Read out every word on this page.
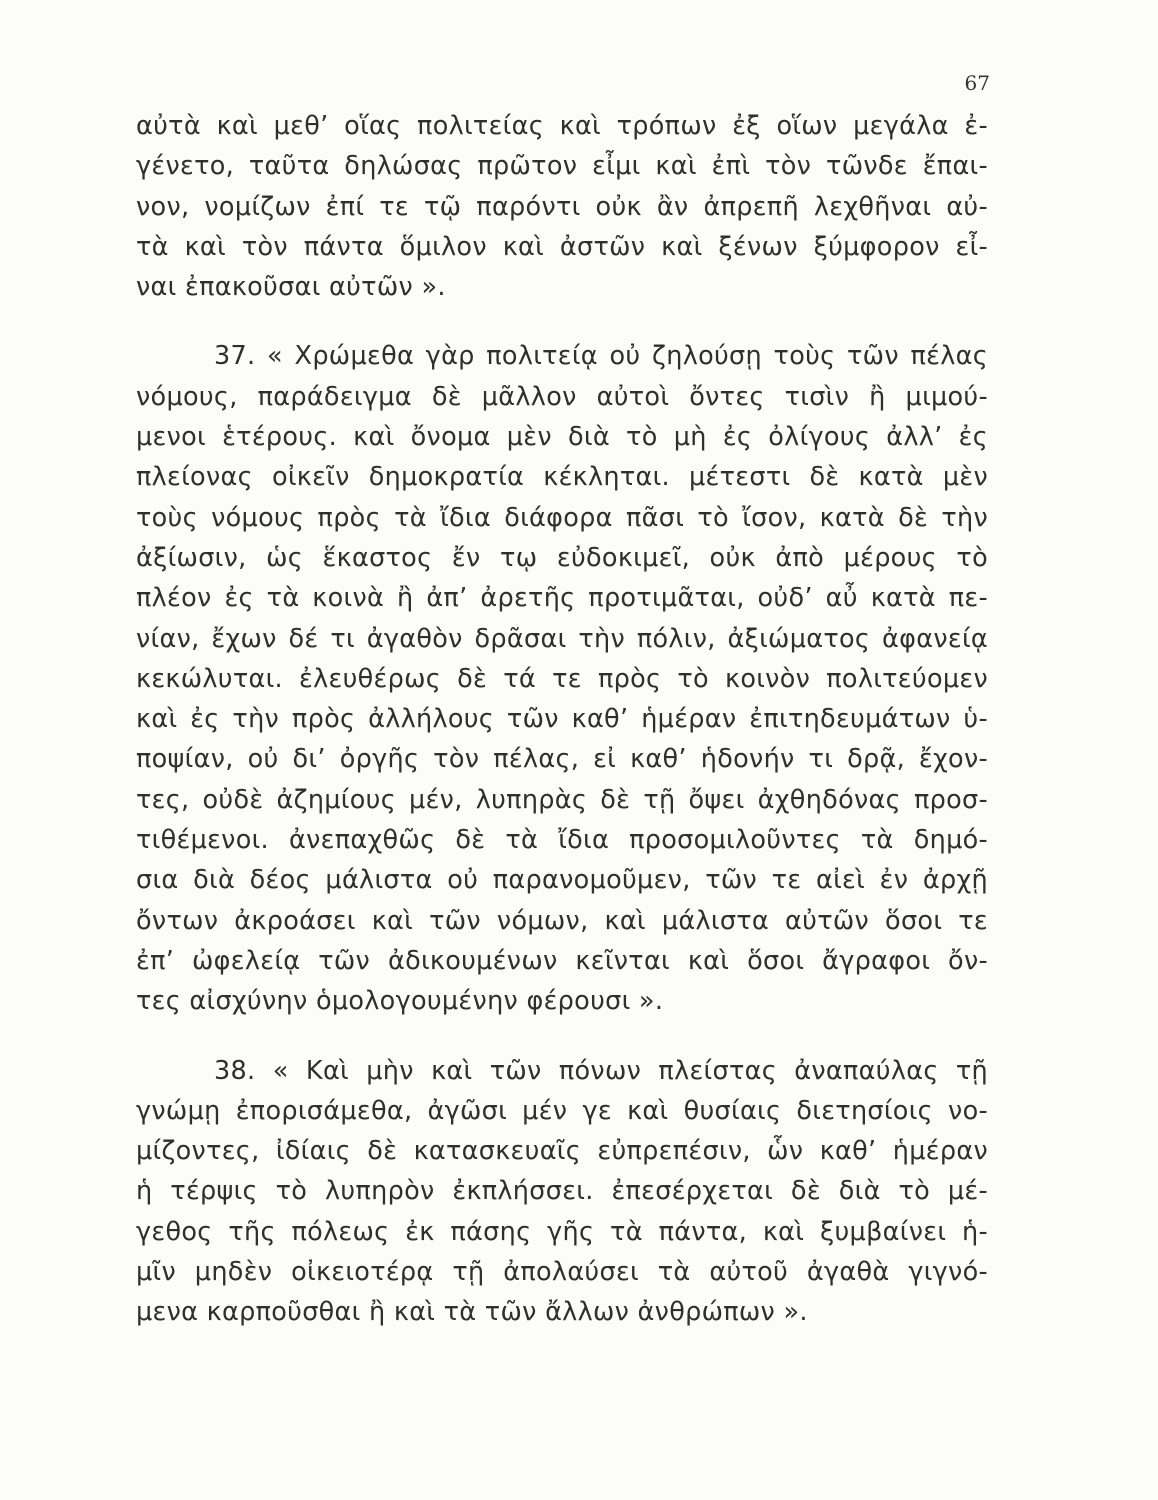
67
αὐτὰ καὶ μεθ’ οἵας πολιτείας καὶ τρόπων ἐξ οἵων μεγάλα ἐ-
γένετο, ταῦτα δηλώσας πρῶτον εἶμι καὶ ἐπὶ τὸν τῶνδε ἔπαι-
νον, νομίζων ἐπί τε τῷ παρόντι οὐκ ἂν ἀπρεπῆ λεχθῆναι αὐ-
τὰ καὶ τὸν πάντα ὅμιλον καὶ ἀστῶν καὶ ξένων ξύμφορον εἶ-
ναι ἐπακοῦσαι αὐτῶν ».
37. « Χρώμεθα γὰρ πολιτείᾳ οὐ ζηλούσῃ τοὺς τῶν πέλας
νόμους, παράδειγμα δὲ μᾶλλον αὐτοὶ ὄντες τισὶν ἢ μιμού-
μενοι ἑτέρους. καὶ ὄνομα μὲν διὰ τὸ μὴ ἐς ὀλίγους ἀλλ’ ἐς
πλείονας οἰκεῖν δημοκρατία κέκληται. μέτεστι δὲ κατὰ μὲν
τοὺς νόμους πρὸς τὰ ἴδια διάφορα πᾶσι τὸ ἴσον, κατὰ δὲ τὴν
ἀξίωσιν, ὡς ἕκαστος ἔν τῳ εὐδοκιμεῖ, οὐκ ἀπὸ μέρους τὸ
πλέον ἐς τὰ κοινὰ ἢ ἀπ’ ἀρετῆς προτιμᾶται, οὐδ’ αὖ κατὰ πε-
νίαν, ἔχων δέ τι ἀγαθὸν δρᾶσαι τὴν πόλιν, ἀξιώματος ἀφανείᾳ
κεκώλυται. ἐλευθέρως δὲ τά τε πρὸς τὸ κοινὸν πολιτεύομεν
καὶ ἐς τὴν πρὸς ἀλλήλους τῶν καθ’ ἡμέραν ἐπιτηδευμάτων ὑ-
ποψίαν, οὐ δι’ ὀργῆς τὸν πέλας, εἰ καθ’ ἡδονήν τι δρᾷ, ἔχον-
τες, οὐδὲ ἀζημίους μέν, λυπηρὰς δὲ τῇ ὄψει ἀχθηδόνας προσ-
τιθέμενοι. ἀνεπαχθῶς δὲ τὰ ἴδια προσομιλοῦντες τὰ δημό-
σια διὰ δέος μάλιστα οὐ παρανομοῦμεν, τῶν τε αἰεὶ ἐν ἀρχῇ
ὄντων ἀκροάσει καὶ τῶν νόμων, καὶ μάλιστα αὐτῶν ὅσοι τε
ἐπ’ ὠφελείᾳ τῶν ἀδικουμένων κεῖνται καὶ ὅσοι ἄγραφοι ὄν-
τες αἰσχύνην ὁμολογουμένην φέρουσι ».
38. « Καὶ μὴν καὶ τῶν πόνων πλείστας ἀναπαύλας τῇ
γνώμῃ ἐπορισάμεθα, ἀγῶσι μέν γε καὶ θυσίαις διετησίοις νο-
μίζοντες, ἰδίαις δὲ κατασκευαῖς εὐπρεπέσιν, ὧν καθ’ ἡμέραν
ἡ τέρψις τὸ λυπηρὸν ἐκπλήσσει. ἐπεσέρχεται δὲ διὰ τὸ μέ-
γεθος τῆς πόλεως ἐκ πάσης γῆς τὰ πάντα, καὶ ξυμβαίνει ἡ-
μῖν μηδὲν οἰκειοτέρᾳ τῇ ἀπολαύσει τὰ αὐτοῦ ἀγαθὰ γιγνό-
μενα καρποῦσθαι ἢ καὶ τὰ τῶν ἄλλων ἀνθρώπων ».
